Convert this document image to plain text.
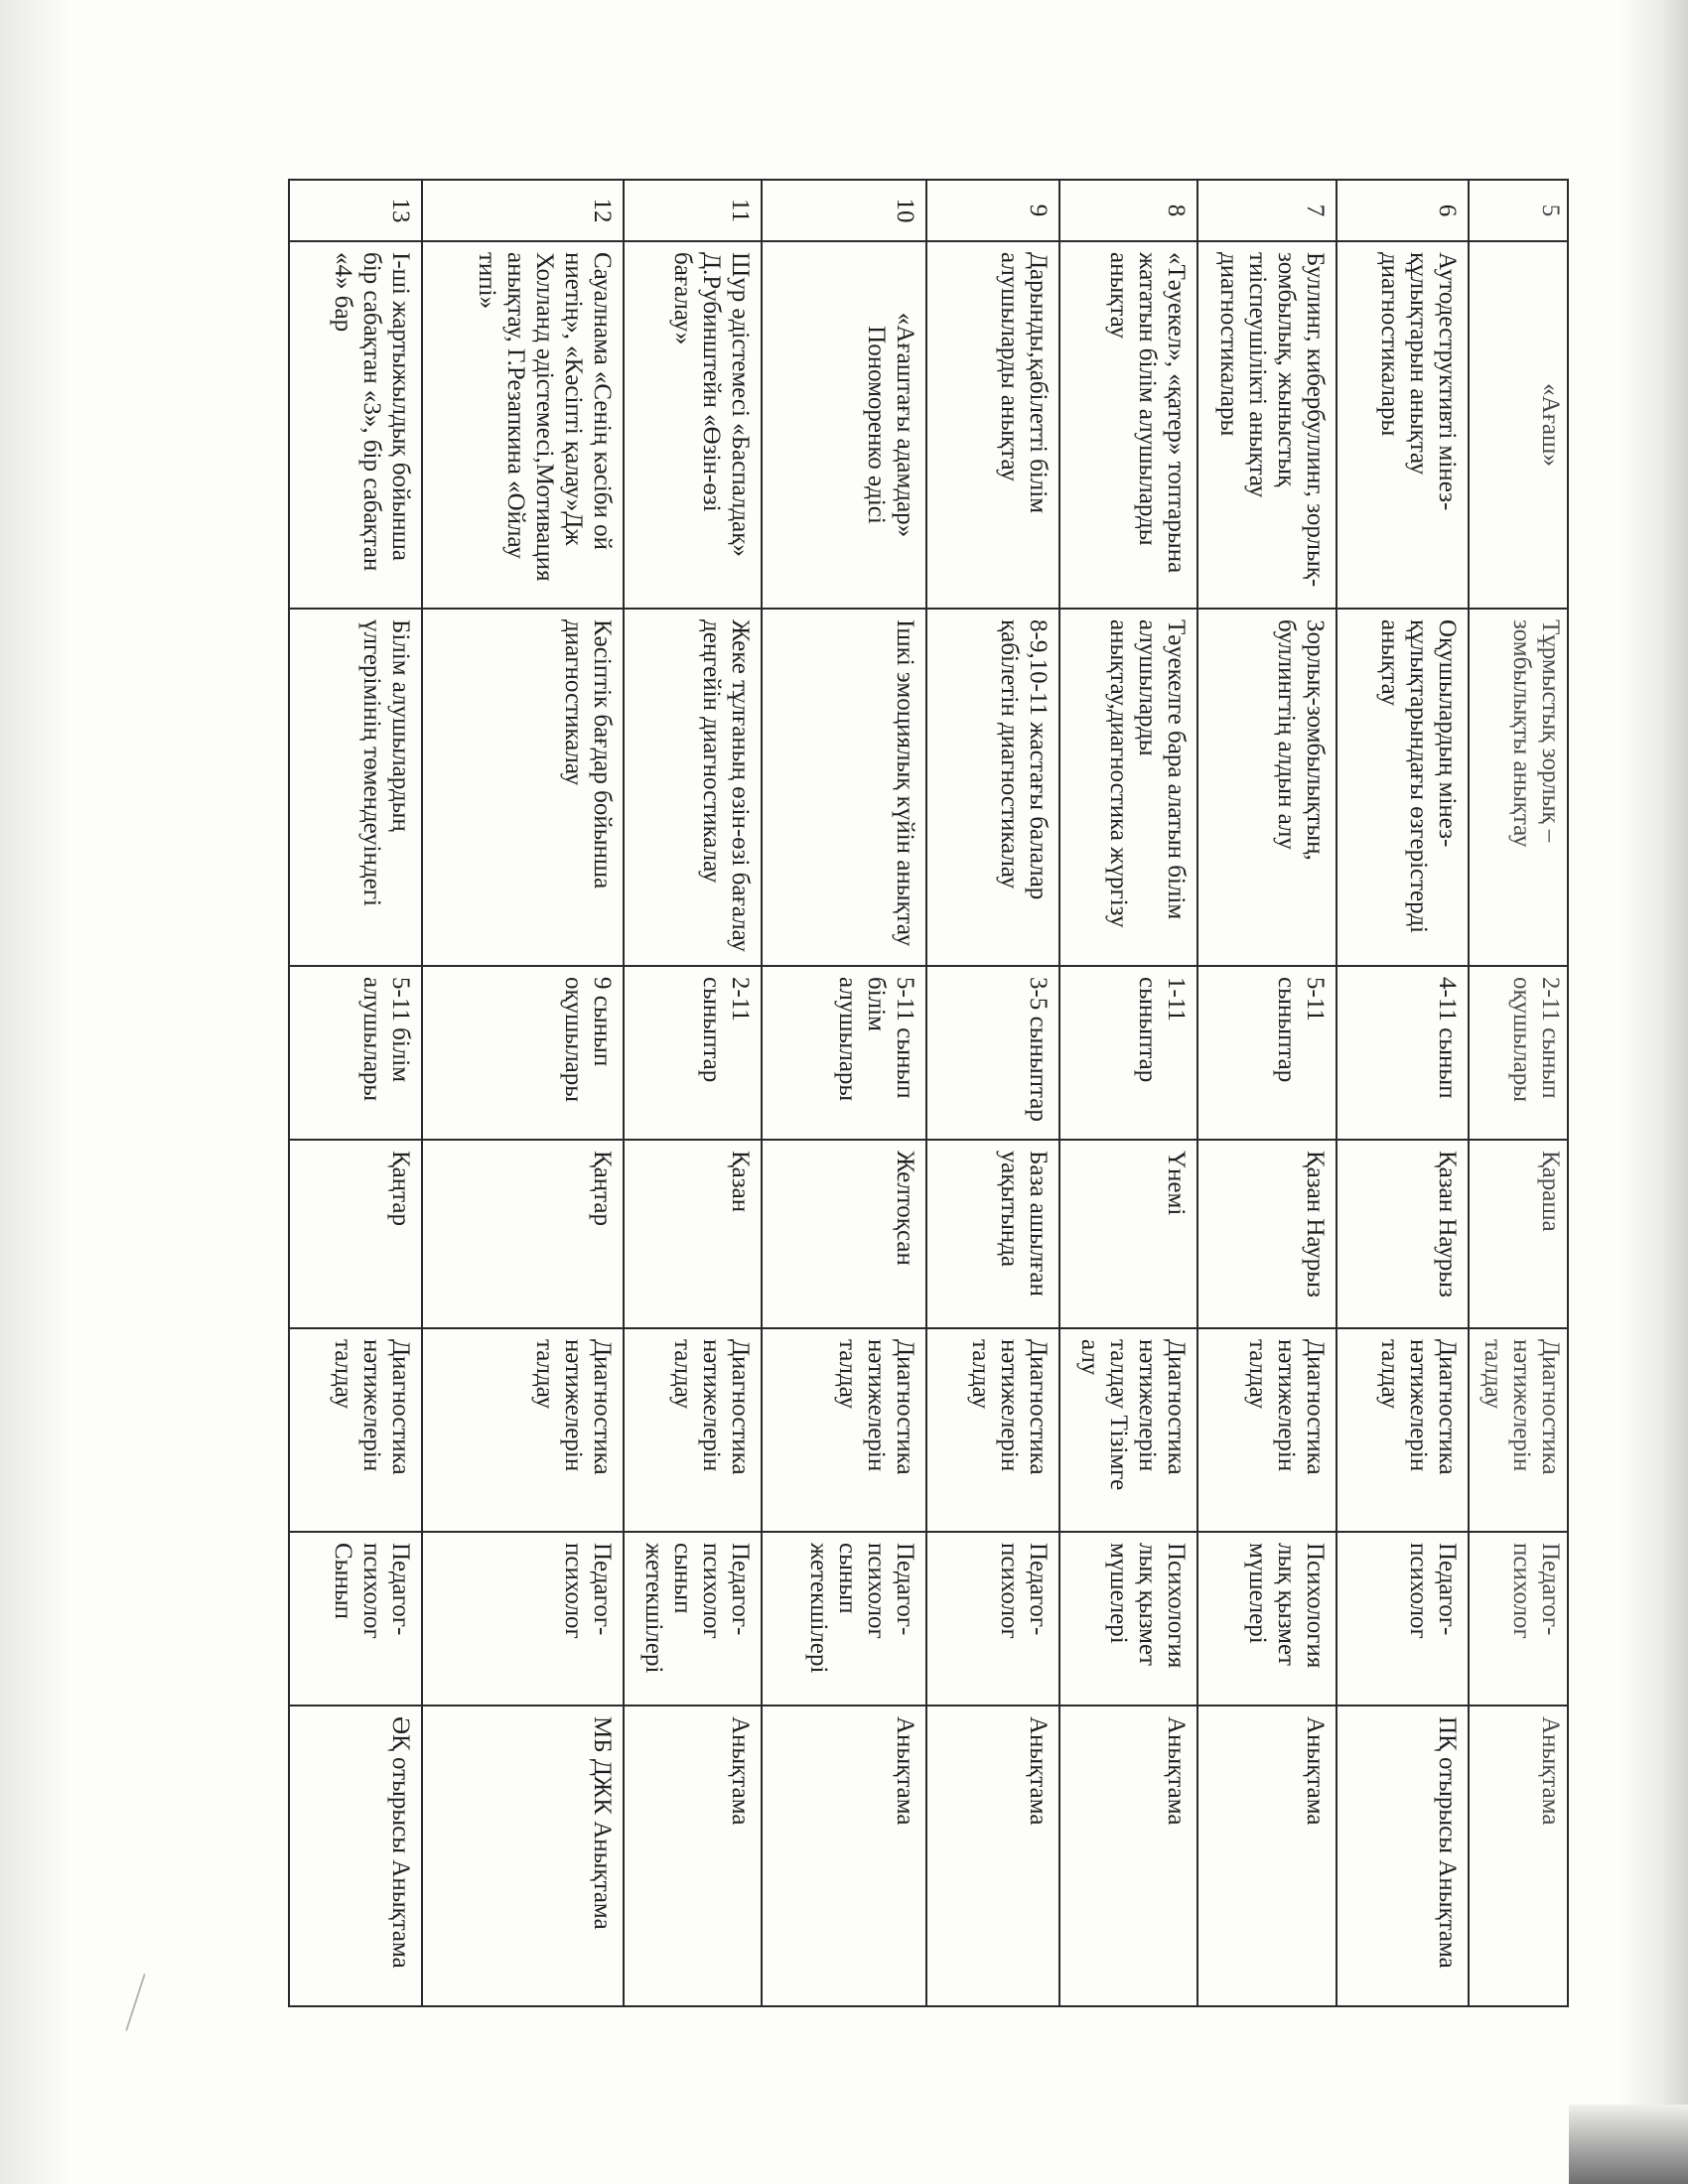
5	«Ағаш»	Тұрмыстық зорлық – зомбылықты анықтау	2-11 сынып оқушылары	Қараша	Диагностика нәтижелерін талдау	Педагог-психолог	Анықтама
6	Аутодеструктивті мінез-құлықтарын анықтау диагностикалары	Оқушылардың мінез-құлықтарындағы өзгерістерді анықтау	4-11 сынып	Қазан Наурыз	Диагностика нәтижелерін талдау	Педагог-психолог	ПҚ отырысы Анықтама
7	Буллинг, кибербуллинг, зорлық-зомбылық, жыныстық тиіспеушілікті анықтау диагностикалары	Зорлық-зомбылықтың, буллингтің алдын алу	5-11 сыныптар	Қазан Наурыз	Диагностика нәтижелерін талдау	Психология лық қызмет мүшелері	Анықтама
8	«Тәуекел», «қатер» топтарына жататын білім алушыларды анықтау	Тәуекелге бара алатын білім алушыларды анықтау,диагностика жүргізу	1-11 сыныптар	Үнемі	Диагностика нәтижелерін талдау Тізімге алу	Психология лық қызмет мүшелері	Анықтама
9	Дарынды,қабілетті білім алушыларды анықтау	8-9,10-11 жастағы балалар қабілетін диагностикалау	3-5 сыныптар	База ашылған уақытында	Диагностика нәтижелерін талдау	Педагог-психолог	Анықтама
10	«Ағаштағы адамдар» Пономоренко әдісі	Ішкі эмоциялық күйін анықтау	5-11 сынып білім алушылары	Желтоқсан	Диагностика нәтижелерін талдау	Педагог-психолог сынып жетекшілері	Анықтама
11	Шур әдістемесі «Баспалдақ» Д.Рубинштейн «Өзін-өзі бағалау»	Жеке тұлғаның өзін-өзі бағалау деңгейін диагностикалау	2-11 сыныптар	Қазан	Диагностика нәтижелерін талдау	Педагог-психолог сынып жетекшілері	Анықтама
12	Сауалнама «Сенің кәсіби ой ниетің», «Кәсіпті қалау»Дж Холланд әдістемесі,Мотивация анықтау, Г.Резапкина «Ойлау типі»	Кәсіптік бағдар бойынша диагностикалау	9 сынып оқушылары	Қаңтар	Диагностика нәтижелерін талдау	Педагог-психолог	МБ ДЖК Анықтама
13	І-ші жартыжылдық бойынша бір сабақтан «3», бір сабақтан «4» бар	Білім алушылардың үлгерімінің төмендеуіндегі	5-11 білім алушылары	Қаңтар	Диагностика нәтижелерін талдау	Педагог-психолог Сынып	ӘҚ отырысы Анықтама
